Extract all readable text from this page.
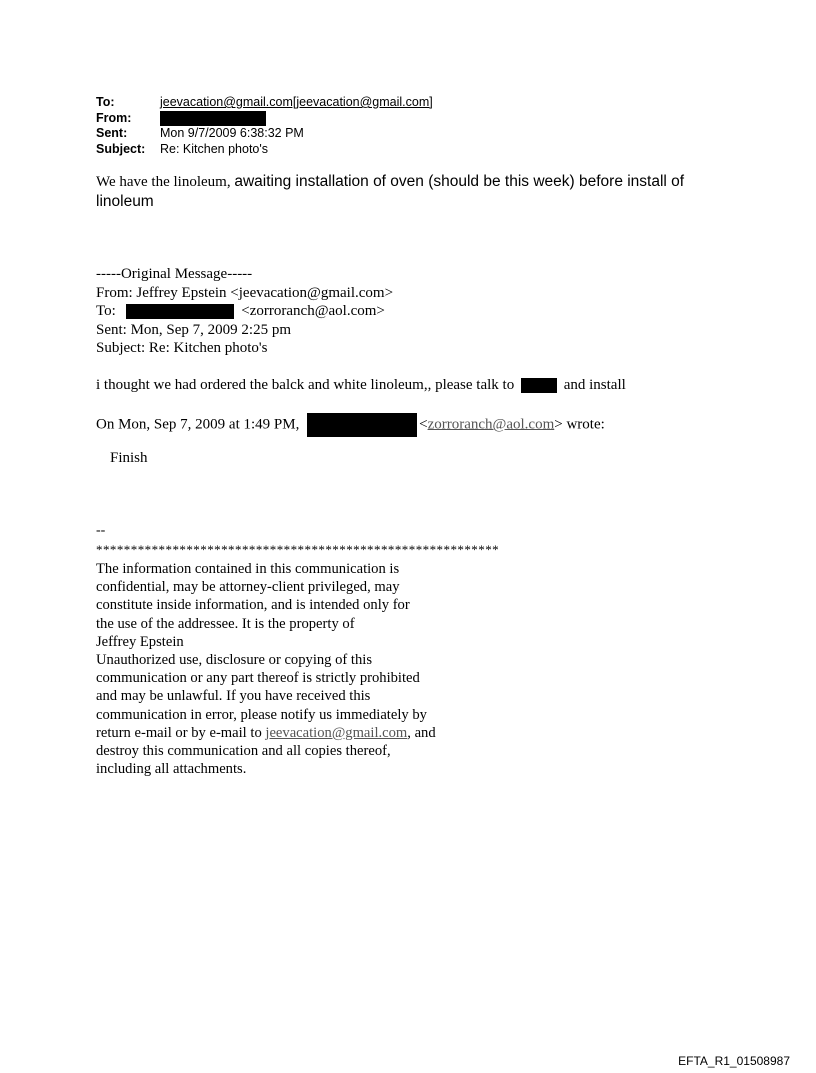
To:	jeevacation@gmail.com[jeevacation@gmail.com]
From:
Sent:	Mon 9/7/2009 6:38:32 PM
Subject:	Re: Kitchen photo's
We have the linoleum, awaiting installation of oven (should be this week) before install of linoleum
-----Original Message-----
From: Jeffrey Epstein <jeevacation@gmail.com>
To:	<zorroranch@aol.com>
Sent: Mon, Sep 7, 2009 2:25 pm
Subject: Re: Kitchen photo's
i thought we had ordered the balck and white linoleum,, please talk to	and install
On Mon, Sep 7, 2009 at 1:49 PM,	<zorroranch@aol.com> wrote:
Finish
--
**********************************************************
The information contained in this communication is
confidential, may be attorney-client privileged, may
constitute inside information, and is intended only for
the use of the addressee. It is the property of
Jeffrey Epstein
Unauthorized use, disclosure or copying of this
communication or any part thereof is strictly prohibited
and may be unlawful. If you have received this
communication in error, please notify us immediately by
return e-mail or by e-mail to jeevacation@gmail.com, and
destroy this communication and all copies thereof,
including all attachments.
EFTA_R1_01508987
